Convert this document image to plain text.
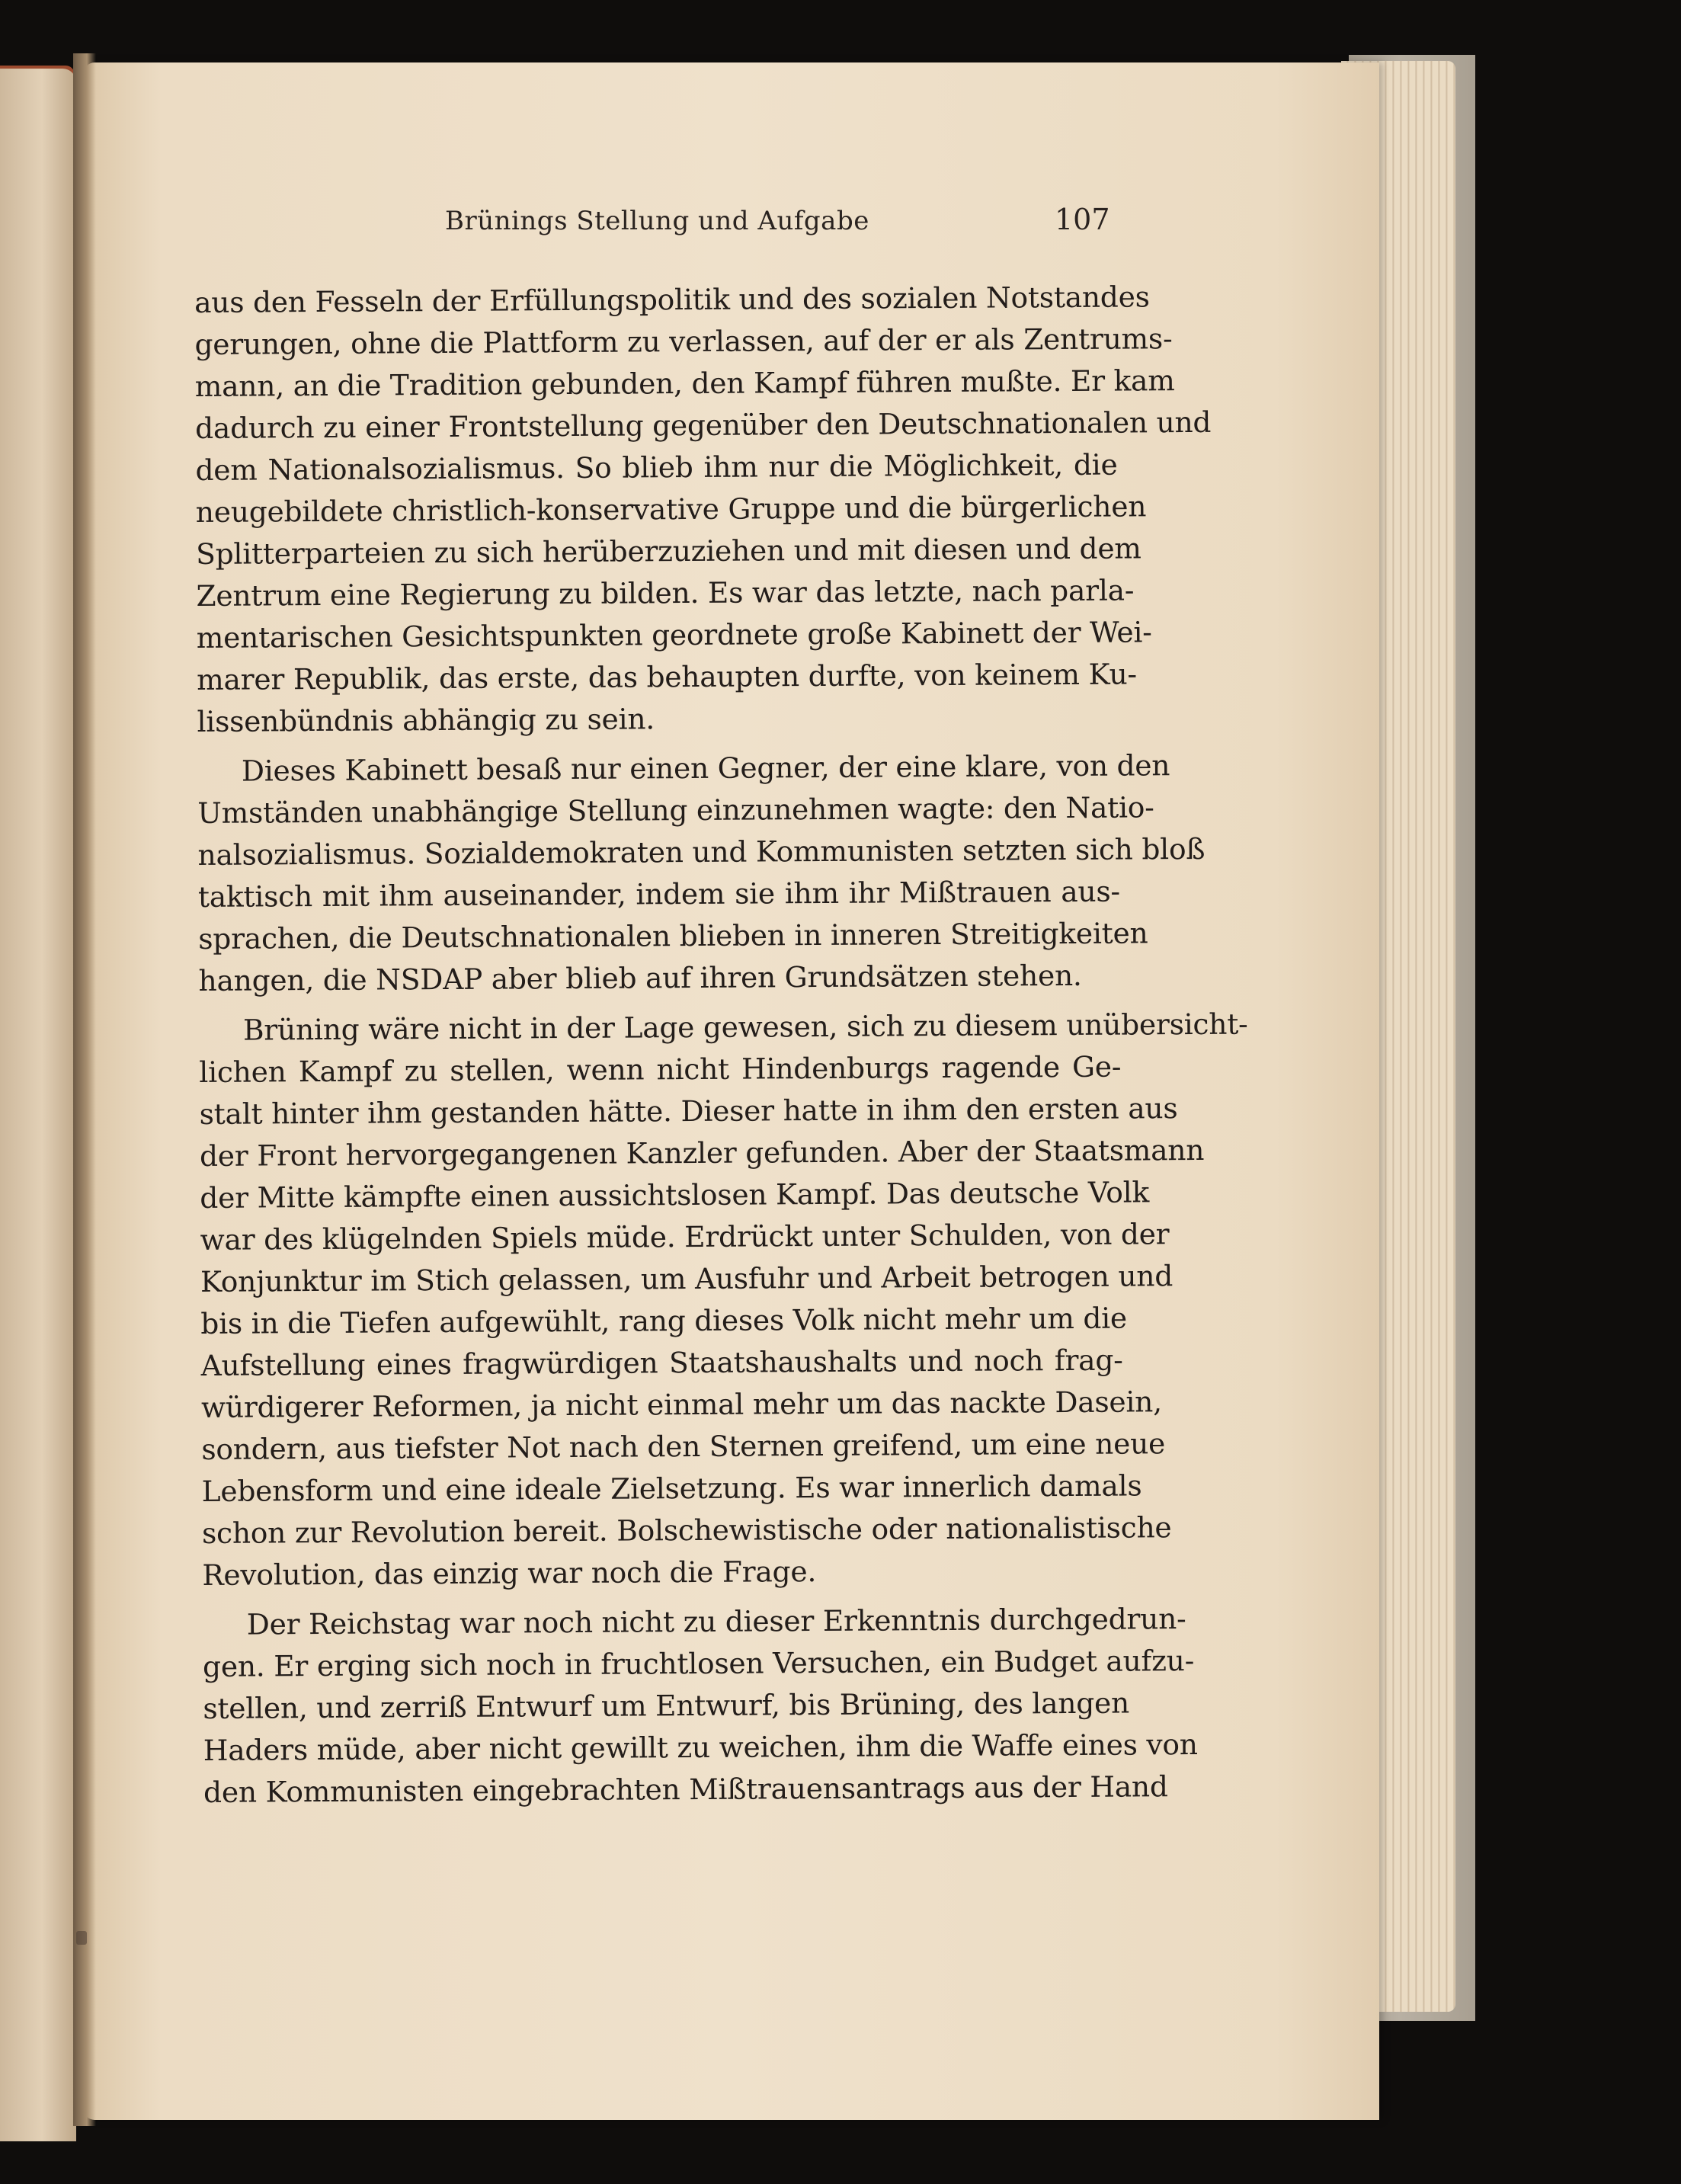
Brünings Stellung und Aufgabe	107
aus den Fesseln der Erfüllungspolitik und des sozialen Notstandes
gerungen, ohne die Plattform zu verlassen, auf der er als Zentrums-
mann, an die Tradition gebunden, den Kampf führen mußte. Er kam
dadurch zu einer Frontstellung gegenüber den Deutschnationalen und
dem Nationalsozialismus. So blieb ihm nur die Möglichkeit, die
neugebildete christlich-konservative Gruppe und die bürgerlichen
Splitterparteien zu sich herüberzuziehen und mit diesen und dem
Zentrum eine Regierung zu bilden. Es war das letzte, nach parla-
mentarischen Gesichtspunkten geordnete große Kabinett der Wei-
marer Republik, das erste, das behaupten durfte, von keinem Ku-
lissenbündnis abhängig zu sein.
Dieses Kabinett besaß nur einen Gegner, der eine klare, von den
Umständen unabhängige Stellung einzunehmen wagte: den Natio-
nalsozialismus. Sozialdemokraten und Kommunisten setzten sich bloß
taktisch mit ihm auseinander, indem sie ihm ihr Mißtrauen aus-
sprachen, die Deutschnationalen blieben in inneren Streitigkeiten
hangen, die NSDAP aber blieb auf ihren Grundsätzen stehen.
Brüning wäre nicht in der Lage gewesen, sich zu diesem unübersicht-
lichen Kampf zu stellen, wenn nicht Hindenburgs ragende Ge-
stalt hinter ihm gestanden hätte. Dieser hatte in ihm den ersten aus
der Front hervorgegangenen Kanzler gefunden. Aber der Staatsmann
der Mitte kämpfte einen aussichtslosen Kampf. Das deutsche Volk
war des klügelnden Spiels müde. Erdrückt unter Schulden, von der
Konjunktur im Stich gelassen, um Ausfuhr und Arbeit betrogen und
bis in die Tiefen aufgewühlt, rang dieses Volk nicht mehr um die
Aufstellung eines fragwürdigen Staatshaushalts und noch frag-
würdigerer Reformen, ja nicht einmal mehr um das nackte Dasein,
sondern, aus tiefster Not nach den Sternen greifend, um eine neue
Lebensform und eine ideale Zielsetzung. Es war innerlich damals
schon zur Revolution bereit. Bolschewistische oder nationalistische
Revolution, das einzig war noch die Frage.
Der Reichstag war noch nicht zu dieser Erkenntnis durchgedrun-
gen. Er erging sich noch in fruchtlosen Versuchen, ein Budget aufzu-
stellen, und zerriß Entwurf um Entwurf, bis Brüning, des langen
Haders müde, aber nicht gewillt zu weichen, ihm die Waffe eines von
den Kommunisten eingebrachten Mißtrauensantrags aus der Hand
